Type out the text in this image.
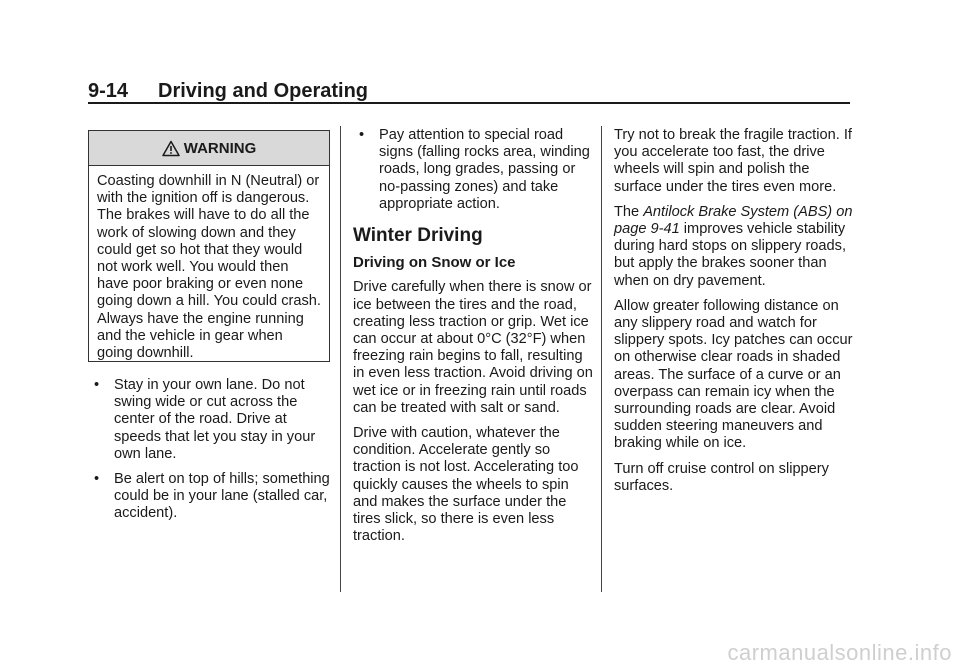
9-14 Driving and Operating
WARNING
Coasting downhill in N (Neutral) or with the ignition off is dangerous. The brakes will have to do all the work of slowing down and they could get so hot that they would not work well. You would then have poor braking or even none going down a hill. You could crash. Always have the engine running and the vehicle in gear when going downhill.
• Stay in your own lane. Do not swing wide or cut across the center of the road. Drive at speeds that let you stay in your own lane.
• Be alert on top of hills; something could be in your lane (stalled car, accident).
• Pay attention to special road signs (falling rocks area, winding roads, long grades, passing or no-passing zones) and take appropriate action.
Winter Driving
Driving on Snow or Ice

Drive carefully when there is snow or ice between the tires and the road, creating less traction or grip. Wet ice can occur at about 0°C (32°F) when freezing rain begins to fall, resulting in even less traction. Avoid driving on wet ice or in freezing rain until roads can be treated with salt or sand.

Drive with caution, whatever the condition. Accelerate gently so traction is not lost. Accelerating too quickly causes the wheels to spin and makes the surface under the tires slick, so there is even less traction.

Try not to break the fragile traction. If you accelerate too fast, the drive wheels will spin and polish the surface under the tires even more.

The Antilock Brake System (ABS) on page 9-41 improves vehicle stability during hard stops on slippery roads, but apply the brakes sooner than when on dry pavement.

Allow greater following distance on any slippery road and watch for slippery spots. Icy patches can occur on otherwise clear roads in shaded areas. The surface of a curve or an overpass can remain icy when the surrounding roads are clear. Avoid sudden steering maneuvers and braking while on ice.

Turn off cruise control on slippery surfaces.

carmanualsonline.info
